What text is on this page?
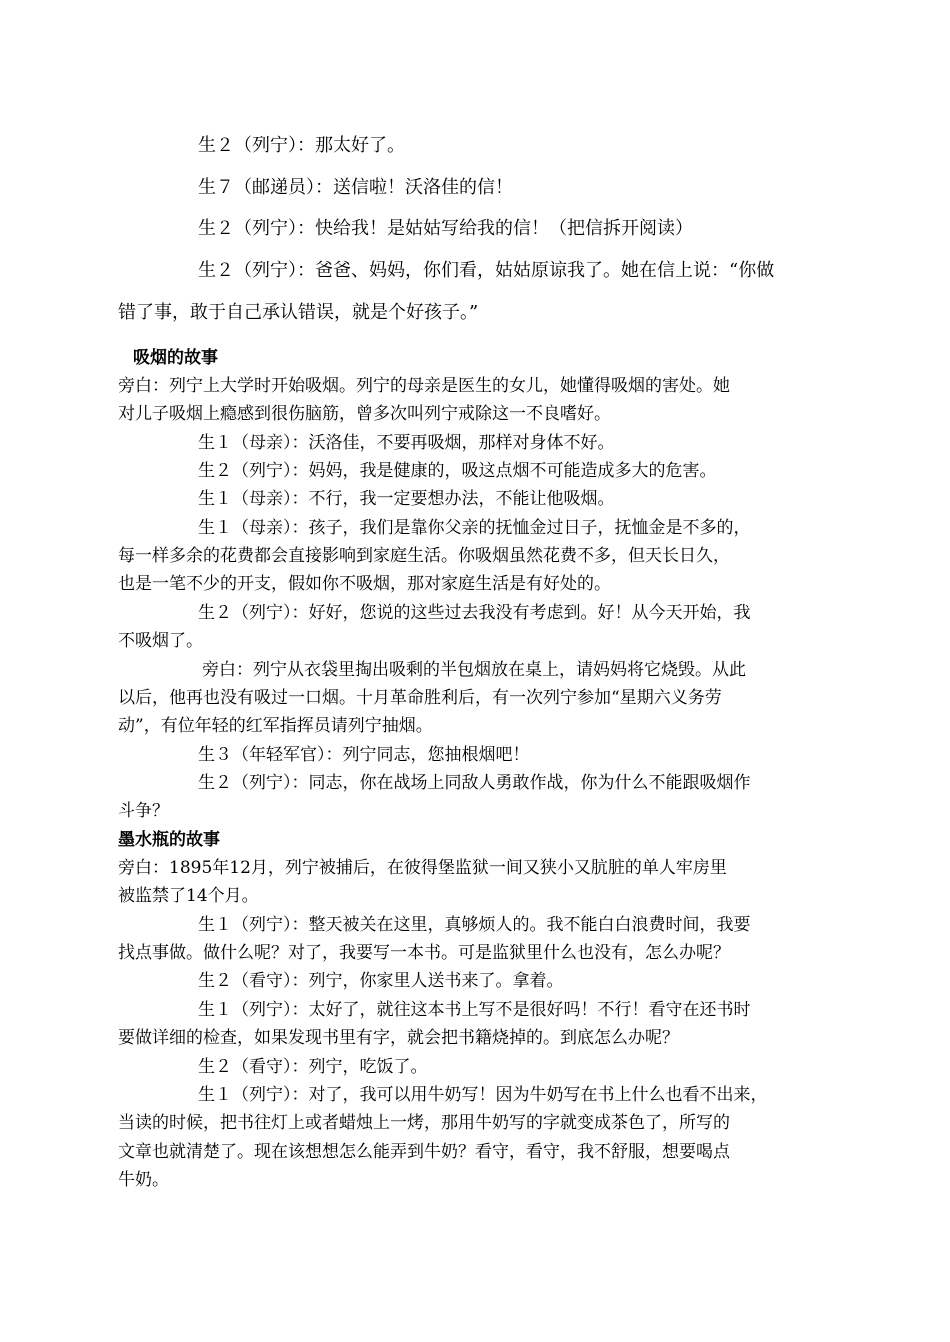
生２（列宁）：那太好了。

生７（邮递员）：送信啦！沃洛佳的信！

生２（列宁）：快给我！是姑姑写给我的信！（把信拆开阅读）

生２（列宁）：爸爸、妈妈，你们看，姑姑原谅我了。她在信上说：“你做

错了事，敢于自己承认错误，就是个好孩子。”

吸烟的故事

旁白：列宁上大学时开始吸烟。列宁的母亲是医生的女儿，她懂得吸烟的害处。她

对儿子吸烟上瘾感到很伤脑筋，曾多次叫列宁戒除这一不良嗜好。

生１（母亲）：沃洛佳，不要再吸烟，那样对身体不好。

生２（列宁）：妈妈，我是健康的，吸这点烟不可能造成多大的危害。

生１（母亲）：不行，我一定要想办法，不能让他吸烟。

生１（母亲）：孩子，我们是靠你父亲的抚恤金过日子，抚恤金是不多的，

每一样多余的花费都会直接影响到家庭生活。你吸烟虽然花费不多，但天长日久，

也是一笔不少的开支，假如你不吸烟，那对家庭生活是有好处的。

生２（列宁）：好好，您说的这些过去我没有考虑到。好！从今天开始，我

不吸烟了。

旁白：列宁从衣袋里掏出吸剩的半包烟放在桌上，请妈妈将它烧毁。从此

以后，他再也没有吸过一口烟。十月革命胜利后，有一次列宁参加“星期六义务劳

动”，有位年轻的红军指挥员请列宁抽烟。

生３（年轻军官）：列宁同志，您抽根烟吧！

生２（列宁）：同志，你在战场上同敌人勇敢作战，你为什么不能跟吸烟作

斗争？

墨水瓶的故事

旁白：1895年12月，列宁被捕后，在彼得堡监狱一间又狭小又肮脏的单人牢房里

被监禁了14个月。

生１（列宁）：整天被关在这里，真够烦人的。我不能白白浪费时间，我要

找点事做。做什么呢？对了，我要写一本书。可是监狱里什么也没有，怎么办呢？

生２（看守）：列宁，你家里人送书来了。拿着。

生１（列宁）：太好了，就往这本书上写不是很好吗！不行！看守在还书时

要做详细的检查，如果发现书里有字，就会把书籍烧掉的。到底怎么办呢？

生２（看守）：列宁，吃饭了。

生１（列宁）：对了，我可以用牛奶写！因为牛奶写在书上什么也看不出来，

当读的时候，把书往灯上或者蜡烛上一烤，那用牛奶写的字就变成茶色了，所写的

文章也就清楚了。现在该想想怎么能弄到牛奶？看守，看守，我不舒服，想要喝点

牛奶。
